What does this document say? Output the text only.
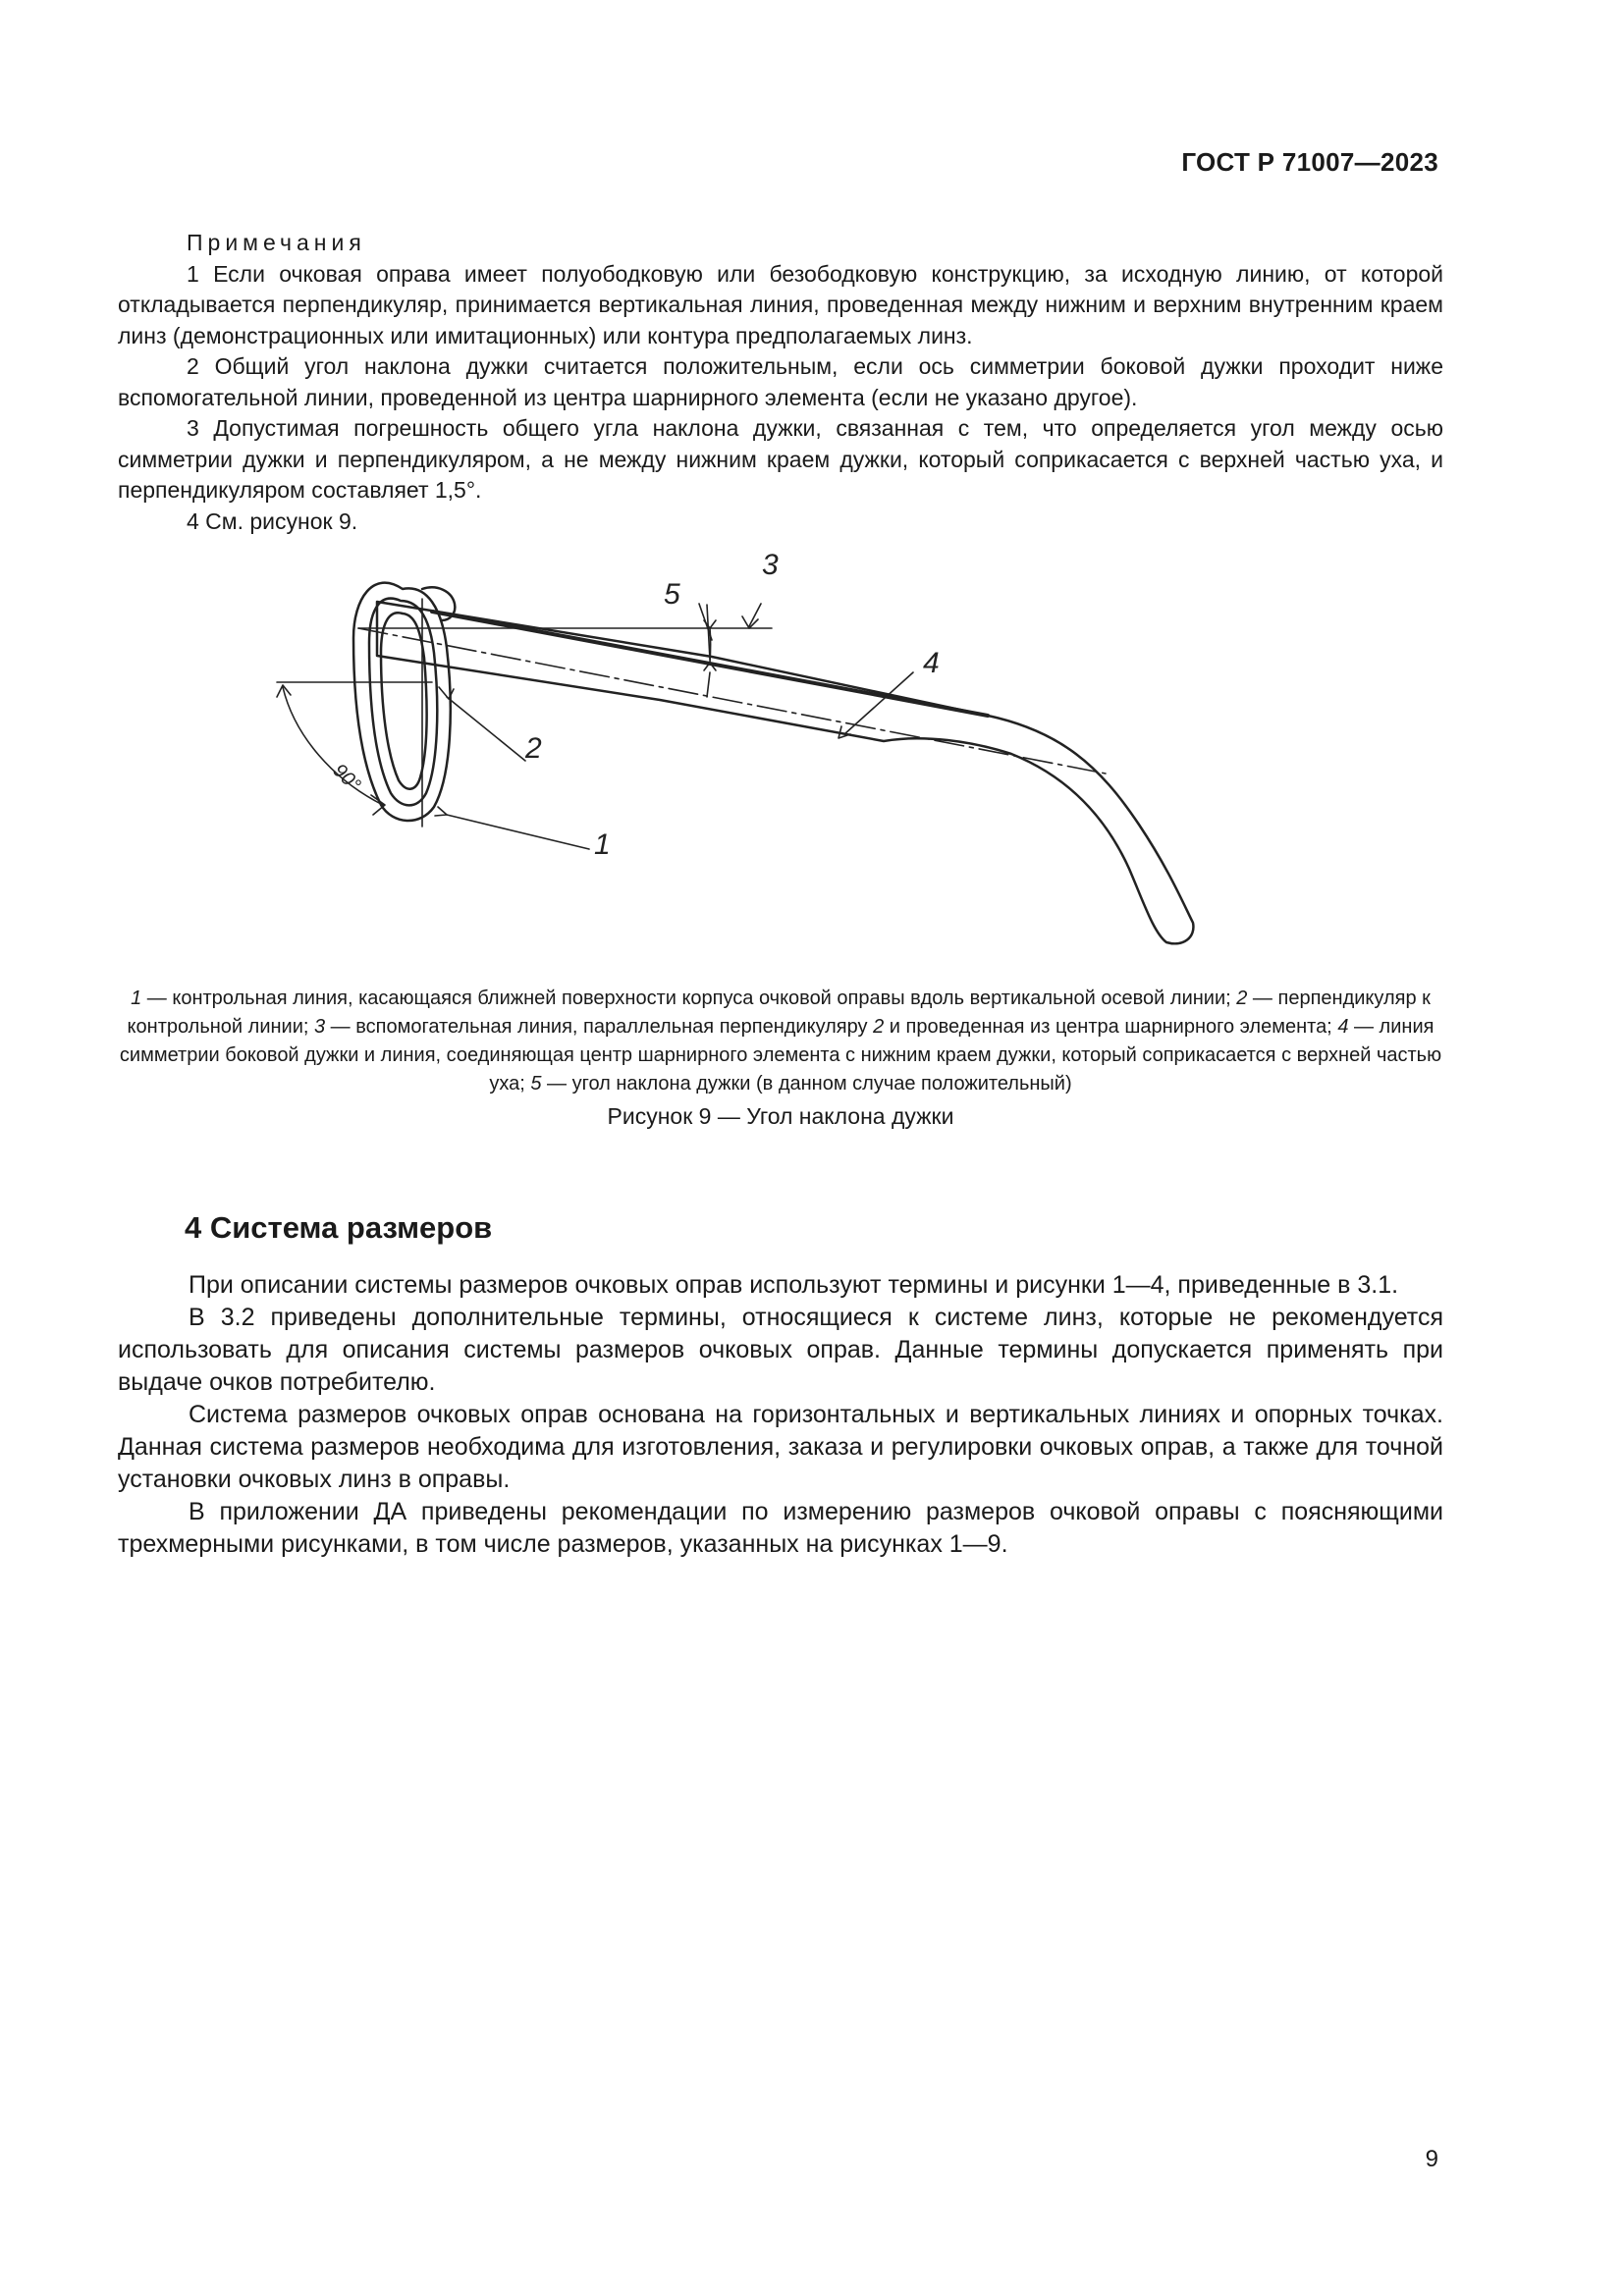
ГОСТ Р 71007—2023

Примечания

1 Если очковая оправа имеет полуободковую или безободковую конструкцию, за исходную линию, от которой откладывается перпендикуляр, принимается вертикальная линия, проведенная между нижним и верхним внутренним краем линз (демонстрационных или имитационных) или контура предполагаемых линз.

2 Общий угол наклона дужки считается положительным, если ось симметрии боковой дужки проходит ниже вспомогательной линии, проведенной из центра шарнирного элемента (если не указано другое).

3 Допустимая погрешность общего угла наклона дужки, связанная с тем, что определяется угол между осью симметрии дужки и перпендикуляром, а не между нижним краем дужки, который соприкасается с верхней частью уха, и перпендикуляром составляет 1,5°.

4 См. рисунок 9.

3
5
4
2
1
90°
1 — контрольная линия, касающаяся ближней поверхности корпуса очковой оправы вдоль вертикальной осевой линии; 2 — перпендикуляр к контрольной линии; 3 — вспомогательная линия, параллельная перпендикуляру 2 и проведенная из центра шарнирного элемента; 4 — линия симметрии боковой дужки и линия, соединяющая центр шарнирного элемента с нижним краем дужки, который соприкасается с верхней частью уха; 5 — угол наклона дужки (в данном случае положительный)
Рисунок 9 — Угол наклона дужки
4 Система размеров

При описании системы размеров очковых оправ используют термины и рисунки 1—4, приведенные в 3.1.

В 3.2 приведены дополнительные термины, относящиеся к системе линз, которые не рекомендуется использовать для описания системы размеров очковых оправ. Данные термины допускается применять при выдаче очков потребителю.

Система размеров очковых оправ основана на горизонтальных и вертикальных линиях и опорных точках. Данная система размеров необходима для изготовления, заказа и регулировки очковых оправ, а также для точной установки очковых линз в оправы.

В приложении ДА приведены рекомендации по измерению размеров очковой оправы с поясняющими трехмерными рисунками, в том числе размеров, указанных на рисунках 1—9.

9
